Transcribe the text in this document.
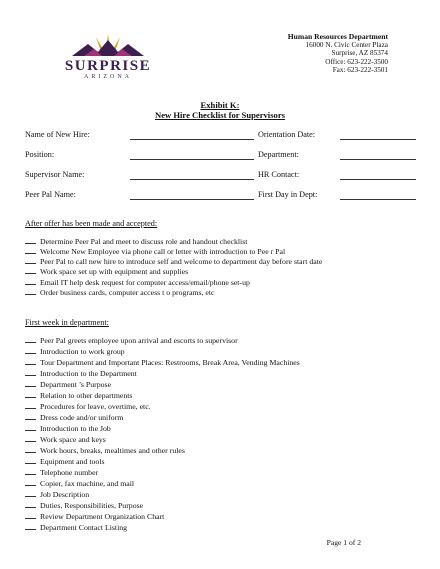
SURPRISE
ARIZONA
Human Resources Department
16000 N. Civic Center Plaza
Surprise, AZ 85374
Office: 623-222-3500
Fax: 623-222-3501
Exhibit K:
New Hire Checklist for Supervisors
Name of New Hire:	Orientation Date:
Position:	Department:
Supervisor Name:	HR Contact:
Peer Pal Name:	First Day in Dept:
After offer has been made and accepted:
Determine Peer Pal and meet to discuss role and handout checklist
Welcome New Employee via phone call or letter with introduction to Pee r Pal
Peer Pal to call new hire to introduce self and welcome to department day before start date
Work space set up with equipment and supplies
Email IT help desk request for computer access/email/phone set-up
Order business cards, computer access t o programs, etc
First week in department:
Peer Pal greets employee upon arrival and escorts to supervisor
Introduction to work group
Tour Department and Important Places: Restrooms, Break Area, Vending Machines
Introduction to the Department
Department ’s Purpose
Relation to other departments
Procedures for leave, overtime, etc.
Dress code and/or uniform
Introduction to the Job
Work space and keys
Work hours, breaks, mealtimes and other rules
Equipment and tools
Telephone number
Copier, fax machine, and mail
Job Description
Duties, Responsibilities, Purpose
Review Department Organization Chart
Department Contact Listing
Page 1 of 2
